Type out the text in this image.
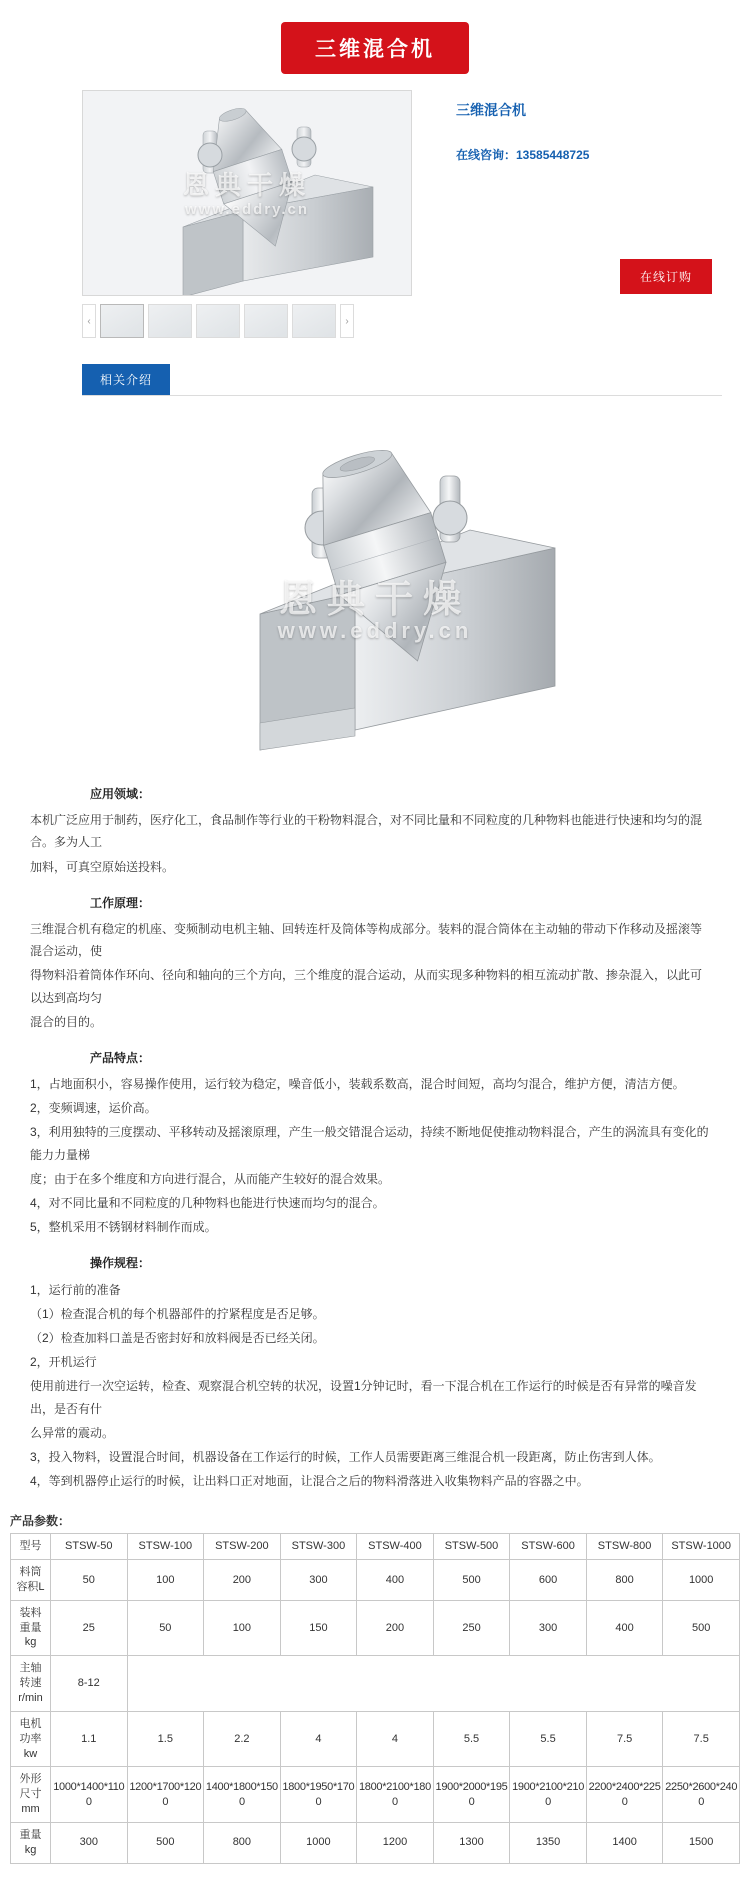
三维混合机
恩典干燥
www.eddry.cn
‹	›
三维混合机
在线咨询：13585448725
在线订购
相关介绍
恩典干燥
www.eddry.cn
应用领域：
本机广泛应用于制药，医疗化工，食品制作等行业的干粉物料混合，对不同比量和不同粒度的几种物料也能进行快速和均匀的混合。多为人工
加料，可真空原始送投料。
工作原理：
三维混合机有稳定的机座、变频制动电机主轴、回转连杆及筒体等构成部分。装料的混合筒体在主动轴的带动下作移动及摇滚等混合运动，使
得物料沿着筒体作环向、径向和轴向的三个方向，三个维度的混合运动，从而实现多种物料的相互流动扩散、掺杂混入，以此可以达到高均匀
混合的目的。
产品特点：
1，占地面积小，容易操作使用，运行较为稳定，噪音低小，装载系数高，混合时间短，高均匀混合，维护方便，清洁方便。
2，变频调速，运价高。
3，利用独特的三度摆动、平移转动及摇滚原理，产生一般交错混合运动，持续不断地促使推动物料混合，产生的涡流具有变化的能力力量梯
度；由于在多个维度和方向进行混合，从而能产生较好的混合效果。
4，对不同比量和不同粒度的几种物料也能进行快速而均匀的混合。
5，整机采用不锈钢材料制作而成。
操作规程：
1，运行前的准备
（1）检查混合机的每个机器部件的拧紧程度是否足够。
（2）检查加料口盖是否密封好和放料阀是否已经关闭。
2，开机运行
使用前进行一次空运转，检查、观察混合机空转的状况，设置1分钟记时，看一下混合机在工作运行的时候是否有异常的噪音发出，是否有什
么异常的震动。
3，投入物料，设置混合时间，机器设备在工作运行的时候，工作人员需要距离三维混合机一段距离，防止伤害到人体。
4，等到机器停止运行的时候，让出料口正对地面，让混合之后的物料滑落进入收集物料产品的容器之中。
产品参数：
型号	STSW-50	STSW-100	STSW-200	STSW-300	STSW-400	STSW-500	STSW-600	STSW-800	STSW-1000
料筒
容积L	50	100	200	300	400	500	600	800	1000
装料
重量
kg	25	50	100	150	200	250	300	400	500
主轴
转速
r/min	8-12								
电机
功率
kw	1.1	1.5	2.2	4	4	5.5	5.5	7.5	7.5
外形
尺寸
mm	1000*1400*1100	1200*1700*1200	1400*1800*1500	1800*1950*1700	1800*2100*1800	1900*2000*1950	1900*2100*2100	2200*2400*2250	2250*2600*2400
重量
kg	300	500	800	1000	1200	1300	1350	1400	1500
